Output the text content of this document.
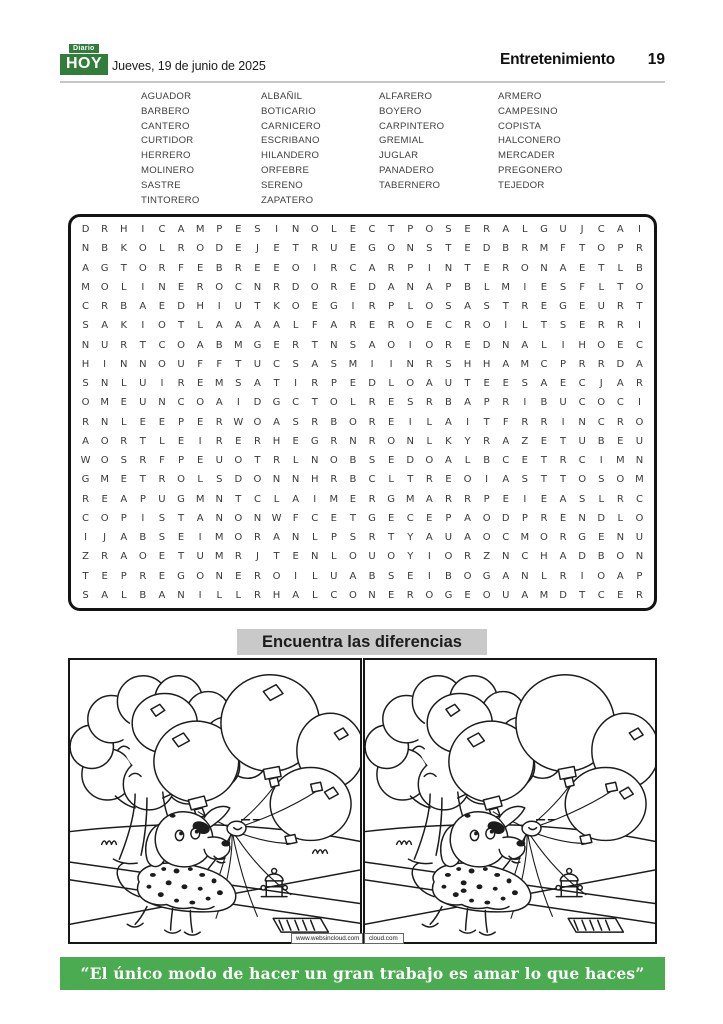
Diario
HOY Jueves, 19 de junio de 2025	Entretenimiento	19
AGUADOR
BARBERO
CANTERO
CURTIDOR
HERRERO
MOLINERO
SASTRE
TINTORERO
ALBAÑIL
BOTICARIO
CARNICERO
ESCRIBANO
HILANDERO
ORFEBRE
SERENO
ZAPATERO
ALFARERO
BOYERO
CARPINTERO
GREMIAL
JUGLAR
PANADERO
TABERNERO
ARMERO
CAMPESINO
COPISTA
HALCONERO
MERCADER
PREGONERO
TEJEDOR
D	R	H	I	C	A	M	P	E	S	I	N	O	L	E	C	T	P	O	S	E	R	A	L	G	U	J	C	A	I
N	B	K	O	L	R	O	D	E	J	E	T	R	U	E	G	O	N	S	T	E	D	B	R	M	F	T	O	P	R
A	G	T	O	R	F	E	B	R	E	E	O	I	R	C	A	R	P	I	N	T	E	R	O	N	A	E	T	L	B
M	O	L	I	N	E	R	O	C	N	R	D	O	R	E	D	A	N	A	P	B	L	M	I	E	S	F	L	T	O
C	R	B	A	E	D	H	I	U	T	K	O	E	G	I	R	P	L	O	S	A	S	T	R	E	G	E	U	R	T
S	A	K	I	O	T	L	A	A	A	A	L	F	A	R	E	R	O	E	C	R	O	I	L	T	S	E	R	R	I
N	U	R	T	C	O	A	B	M	G	E	R	T	N	S	A	O	I	O	R	E	D	N	A	L	I	H	O	E	C
H	I	N	N	O	U	F	F	T	U	C	S	A	S	M	I	I	N	R	S	H	H	A	M	C	P	R	R	D	A
S	N	L	U	I	R	E	M	S	A	T	I	R	P	E	D	L	O	A	U	T	E	E	S	A	E	C	J	A	R
O	M	E	U	N	C	O	A	I	D	G	C	T	O	L	R	E	S	R	B	A	P	R	I	B	U	C	O	C	I
R	N	L	E	E	P	E	R	W	O	A	S	R	B	O	R	E	I	L	A	I	T	F	R	R	I	N	C	R	O
A	O	R	T	L	E	I	R	E	R	H	E	G	R	N	R	O	N	L	K	Y	R	A	Z	E	T	U	B	E	U
W	O	S	R	F	P	E	U	O	T	R	L	N	O	B	S	E	D	O	A	L	B	C	E	T	R	C	I	M	N
G	M	E	T	R	O	L	S	D	O	N	N	H	R	B	C	L	T	R	E	O	I	A	S	T	T	O	S	O	M
R	E	A	P	U	G	M	N	T	C	L	A	I	M	E	R	G	M	A	R	R	P	E	I	E	A	S	L	R	C
C	O	P	I	S	T	A	N	O	N	W	F	C	E	T	G	E	C	E	P	A	O	D	P	R	E	N	D	L	O
I	J	A	B	S	E	I	M	O	R	A	N	L	P	S	R	T	Y	A	U	A	O	C	M	O	R	G	E	N	U
Z	R	A	O	E	T	U	M	R	J	T	E	N	L	O	U	O	Y	I	O	R	Z	N	C	H	A	D	B	O	N
T	E	P	R	E	G	O	N	E	R	O	I	L	U	A	B	S	E	I	B	O	G	A	N	L	R	I	O	A	P
S	A	L	B	A	N	I	L	L	R	H	A	L	C	O	N	E	R	O	G	E	O	U	A	M	D	T	C	E	R
Encuentra las diferencias
www.websincloud.com	cloud.com
“El único modo de hacer un gran trabajo es amar lo que haces”
